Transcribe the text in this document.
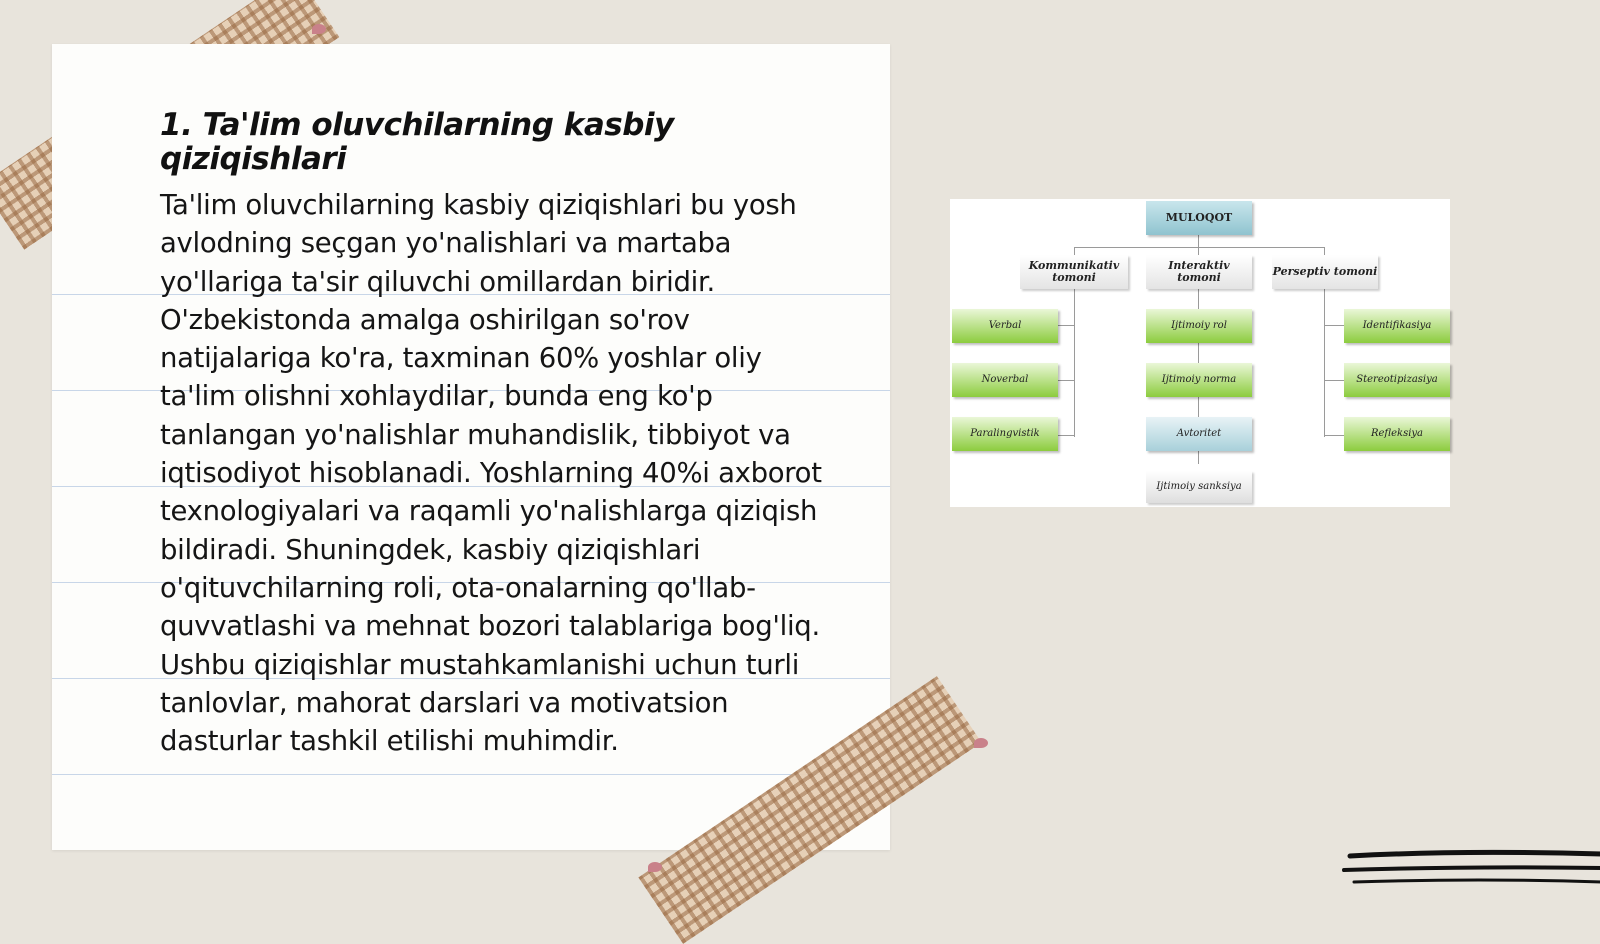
1. Ta'lim oluvchilarning kasbiy qiziqishlari

Ta'lim oluvchilarning kasbiy qiziqishlari bu yosh avlodning seçgan yo'nalishlari va martaba yo'llariga ta'sir qiluvchi omillardan biridir. O'zbekistonda amalga oshirilgan so'rov natijalariga ko'ra, taxminan 60% yoshlar oliy ta'lim olishni xohlaydilar, bunda eng ko'p tanlangan yo'nalishlar muhandislik, tibbiyot va iqtisodiyot hisoblanadi. Yoshlarning 40%i axborot texnologiyalari va raqamli yo'nalishlarga qiziqish bildiradi. Shuningdek, kasbiy qiziqishlari o'qituvchilarning roli, ota-onalarning qo'llab-quvvatlashi va mehnat bozori talablariga bog'liq. Ushbu qiziqishlar mustahkamlanishi uchun turli tanlovlar, mahorat darslari va motivatsion dasturlar tashkil etilishi muhimdir.

MULOQOT
Kommunikativ tomoni
Interaktiv tomoni	Perseptiv tomoni
Verbal
Noverbal
Paralingvistik
Ijtimoiy rol
Ijtimoiy norma
Avtoritet
Ijtimoiy sanksiya
Identifikasiya
Stereotipizasiya
Refleksiya
